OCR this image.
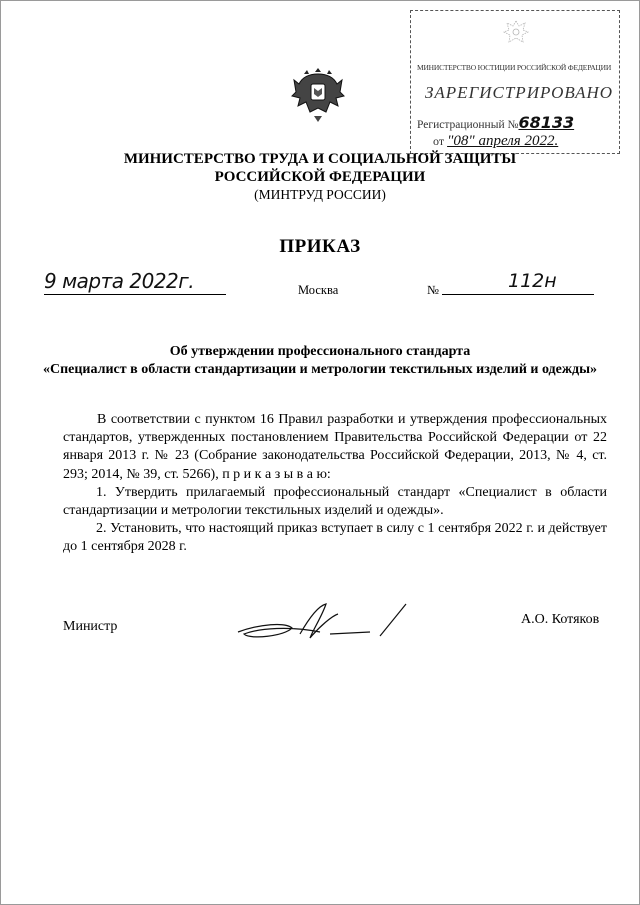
МИНИСТЕРСТВО ЮСТИЦИИ РОССИЙСКОЙ ФЕДЕРАЦИИ
ЗАРЕГИСТРИРОВАНО
Регистрационный №68133
от "08" апреля 2022.
МИНИСТЕРСТВО ТРУДА И СОЦИАЛЬНОЙ ЗАЩИТЫ
РОССИЙСКОЙ ФЕДЕРАЦИИ
(МИНТРУД РОССИИ)
ПРИКАЗ
9 марта 2022г.	Москва	№	112н
Об утверждении профессионального стандарта
«Специалист в области стандартизации и метрологии текстильных изделий и одежды»

В соответствии с пунктом 16 Правил разработки и утверждения профессиональных стандартов, утвержденных постановлением Правительства Российской Федерации от 22 января 2013 г. № 23 (Собрание законодательства Российской Федерации, 2013, № 4, ст. 293; 2014, № 39, ст. 5266), п р и к а з ы в а ю:

1. Утвердить прилагаемый профессиональный стандарт «Специалист в области стандартизации и метрологии текстильных изделий и одежды».

2. Установить, что настоящий приказ вступает в силу с 1 сентября 2022 г. и действует до 1 сентября 2028 г.

Министр	А.О. Котяков
